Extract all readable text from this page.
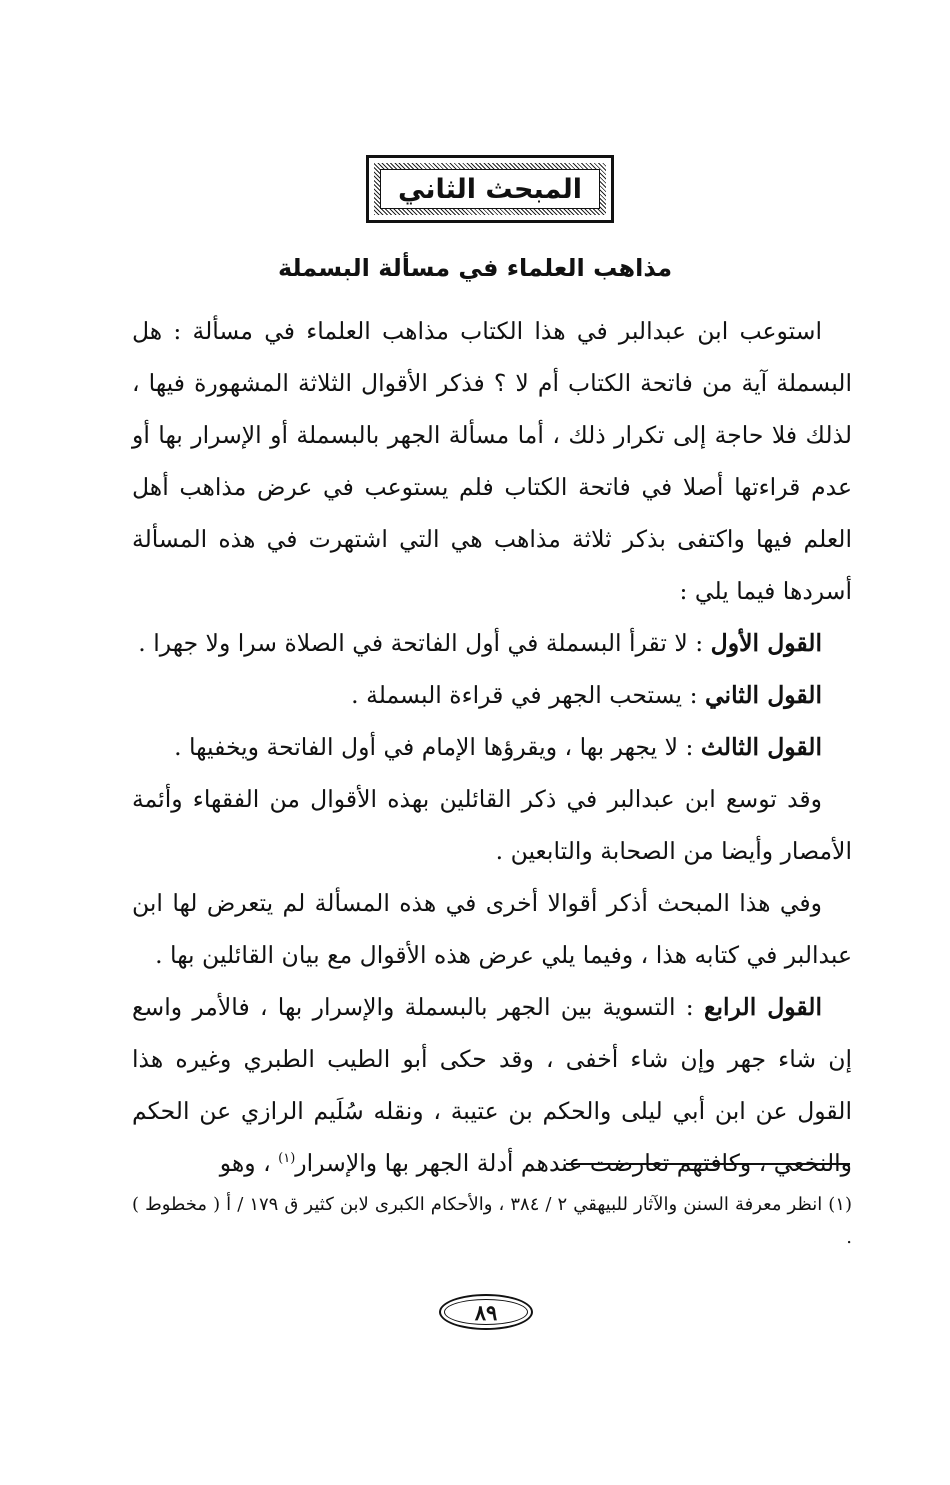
المبحث الثاني
مذاهب العلماء في مسألة البسملة

استوعب ابن عبدالبر في هذا الكتاب مذاهب العلماء في مسألة : هل البسملة آية من فاتحة الكتاب أم لا ؟ فذكر الأقوال الثلاثة المشهورة فيها ، لذلك فلا حاجة إلى تكرار ذلك ، أما مسألة الجهر بالبسملة أو الإسرار بها أو عدم قراءتها أصلا في فاتحة الكتاب فلم يستوعب في عرض مذاهب أهل العلم فيها واكتفى بذكر ثلاثة مذاهب هي التي اشتهرت في هذه المسألة أسردها فيما يلي :

القول الأول : لا تقرأ البسملة في أول الفاتحة في الصلاة سرا ولا جهرا .

القول الثاني : يستحب الجهر في قراءة البسملة .

القول الثالث : لا يجهر بها ، ويقرؤها الإمام في أول الفاتحة ويخفيها .

وقد توسع ابن عبدالبر في ذكر القائلين بهذه الأقوال من الفقهاء وأئمة الأمصار وأيضا من الصحابة والتابعين .

وفي هذا المبحث أذكر أقوالا أخرى في هذه المسألة لم يتعرض لها ابن عبدالبر في كتابه هذا ، وفيما يلي عرض هذه الأقوال مع بيان القائلين بها .

القول الرابع : التسوية بين الجهر بالبسملة والإسرار بها ، فالأمر واسع إن شاء جهر وإن شاء أخفى ، وقد حكى أبو الطيب الطبري وغيره هذا القول عن ابن أبي ليلى والحكم بن عتيبة ، ونقله سُلَيم الرازي عن الحكم والنخعي ، وكافتهم تعارضت عندهم أدلة الجهر بها والإسرار$^{(١)}$ ، وهو

(١) انظر معرفة السنن والآثار للبيهقي ٢ / ٣٨٤ ، والأحكام الكبرى لابن كثير ق ١٧٩ / أ ( مخطوط ) .

٨٩
